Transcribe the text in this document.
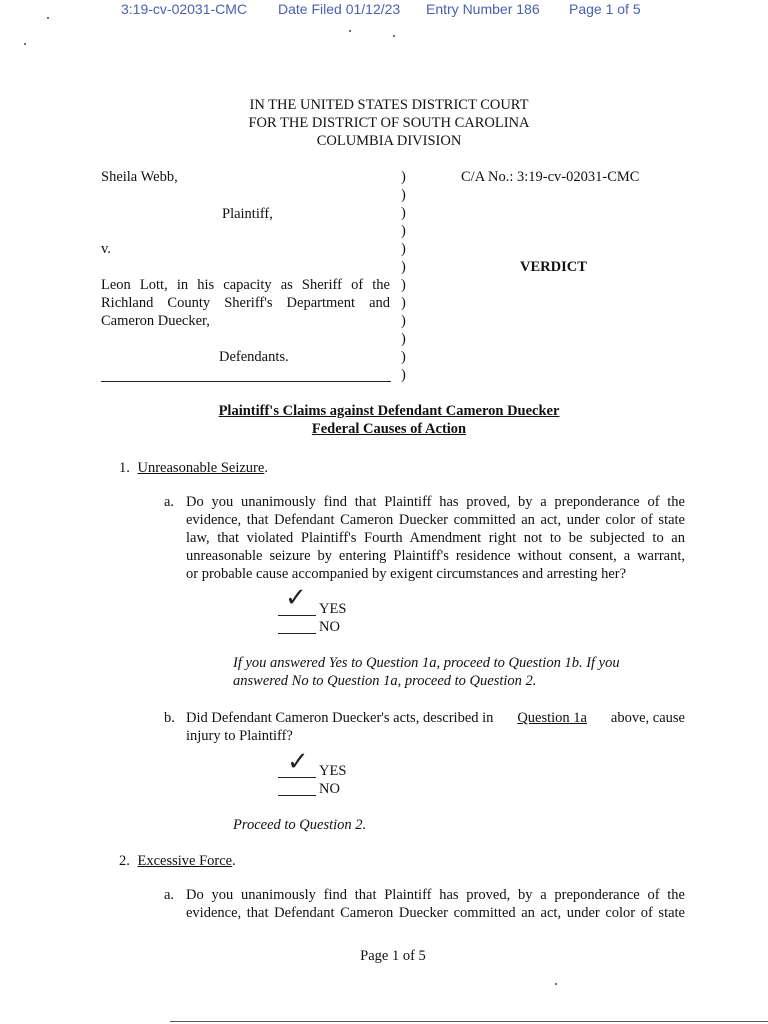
3:19-cv-02031-CMC Date Filed 01/12/23 Entry Number 186 Page 1 of 5
IN THE UNITED STATES DISTRICT COURT
FOR THE DISTRICT OF SOUTH CAROLINA
COLUMBIA DIVISION
Sheila Webb,
Plaintiff,
v.
Leon Lott, in his capacity as Sheriff of the
Richland County Sheriff's Department and
Cameron Duecker,
Defendants.
)
)
)
)
)
)
)
)
)
)
)
)
C/A No.: 3:19-cv-02031-CMC
VERDICT
Plaintiff's Claims against Defendant Cameron Duecker
Federal Causes of Action
1. Unreasonable Seizure.
a. Do you unanimously find that Plaintiff has proved, by a preponderance of the
evidence, that Defendant Cameron Duecker committed an act, under color of state
law, that violated Plaintiff's Fourth Amendment right not to be subjected to an
unreasonable seizure by entering Plaintiff's residence without consent, a warrant,
or probable cause accompanied by exigent circumstances and arresting her?
✓ YES
NO
If you answered Yes to Question 1a, proceed to Question 1b. If you
answered No to Question 1a, proceed to Question 2.
b. Did Defendant Cameron Duecker's acts, described in Question 1a above, cause
injury to Plaintiff?
✓ YES
NO
Proceed to Question 2.
2. Excessive Force.
a. Do you unanimously find that Plaintiff has proved, by a preponderance of the
evidence, that Defendant Cameron Duecker committed an act, under color of state
Page 1 of 5
